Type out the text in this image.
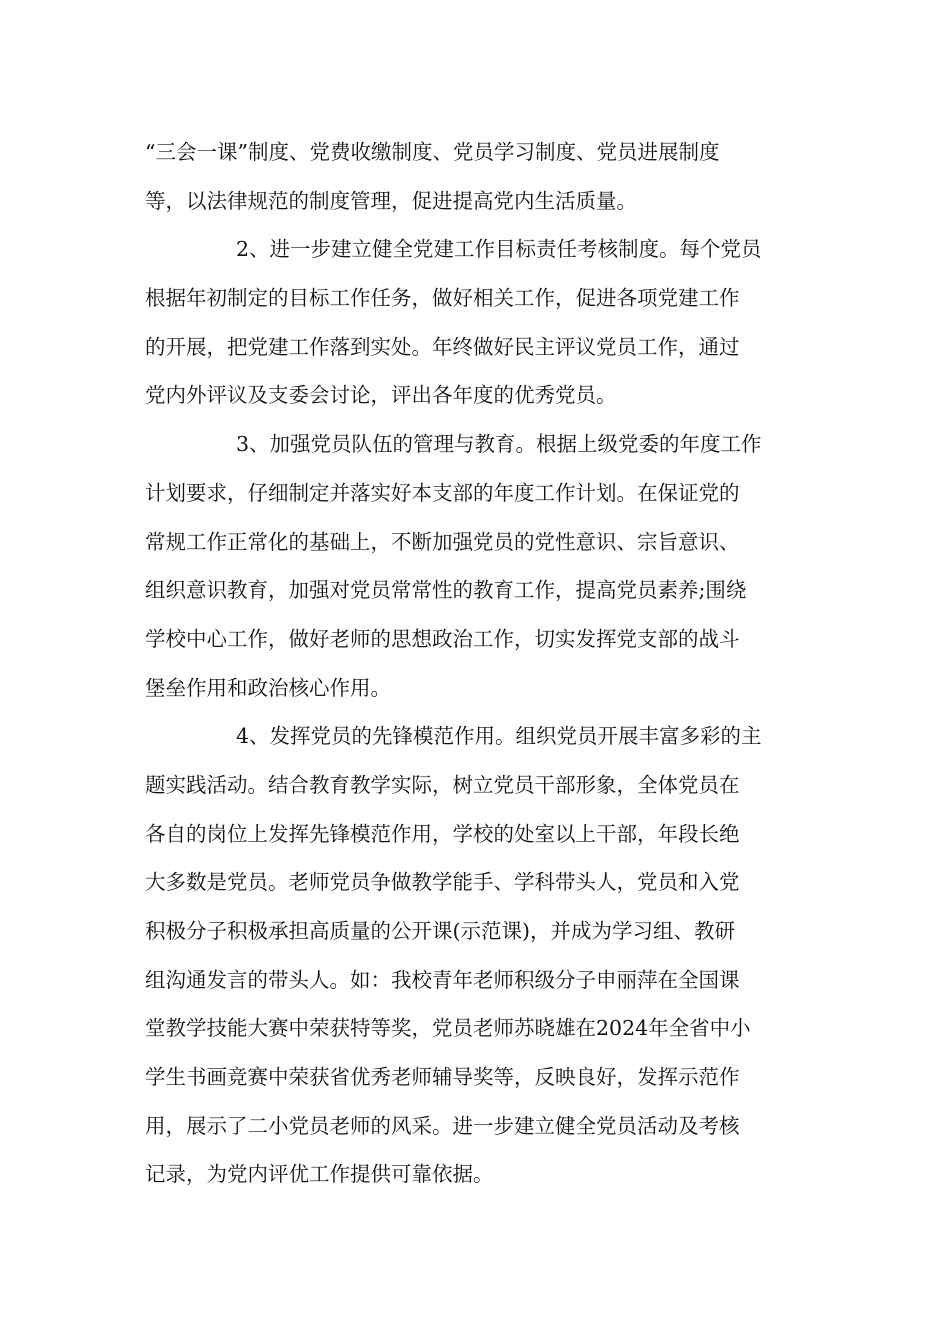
“三会一课”制度、党费收缴制度、党员学习制度、党员进展制度
等，以法律规范的制度管理，促进提高党内生活质量。
2、进一步建立健全党建工作目标责任考核制度。每个党员
根据年初制定的目标工作任务，做好相关工作，促进各项党建工作
的开展，把党建工作落到实处。年终做好民主评议党员工作，通过
党内外评议及支委会讨论，评出各年度的优秀党员。
3、加强党员队伍的管理与教育。根据上级党委的年度工作
计划要求，仔细制定并落实好本支部的年度工作计划。在保证党的
常规工作正常化的基础上，不断加强党员的党性意识、宗旨意识、
组织意识教育，加强对党员常常性的教育工作，提高党员素养;围绕
学校中心工作，做好老师的思想政治工作，切实发挥党支部的战斗
堡垒作用和政治核心作用。
4、发挥党员的先锋模范作用。组织党员开展丰富多彩的主
题实践活动。结合教育教学实际，树立党员干部形象，全体党员在
各自的岗位上发挥先锋模范作用，学校的处室以上干部，年段长绝
大多数是党员。老师党员争做教学能手、学科带头人，党员和入党
积极分子积极承担高质量的公开课(示范课)，并成为学习组、教研
组沟通发言的带头人。如：我校青年老师积级分子申丽萍在全国课
堂教学技能大赛中荣获特等奖，党员老师苏晓雄在2024年全省中小
学生书画竞赛中荣获省优秀老师辅导奖等，反映良好，发挥示范作
用，展示了二小党员老师的风采。进一步建立健全党员活动及考核
记录，为党内评优工作提供可靠依据。
